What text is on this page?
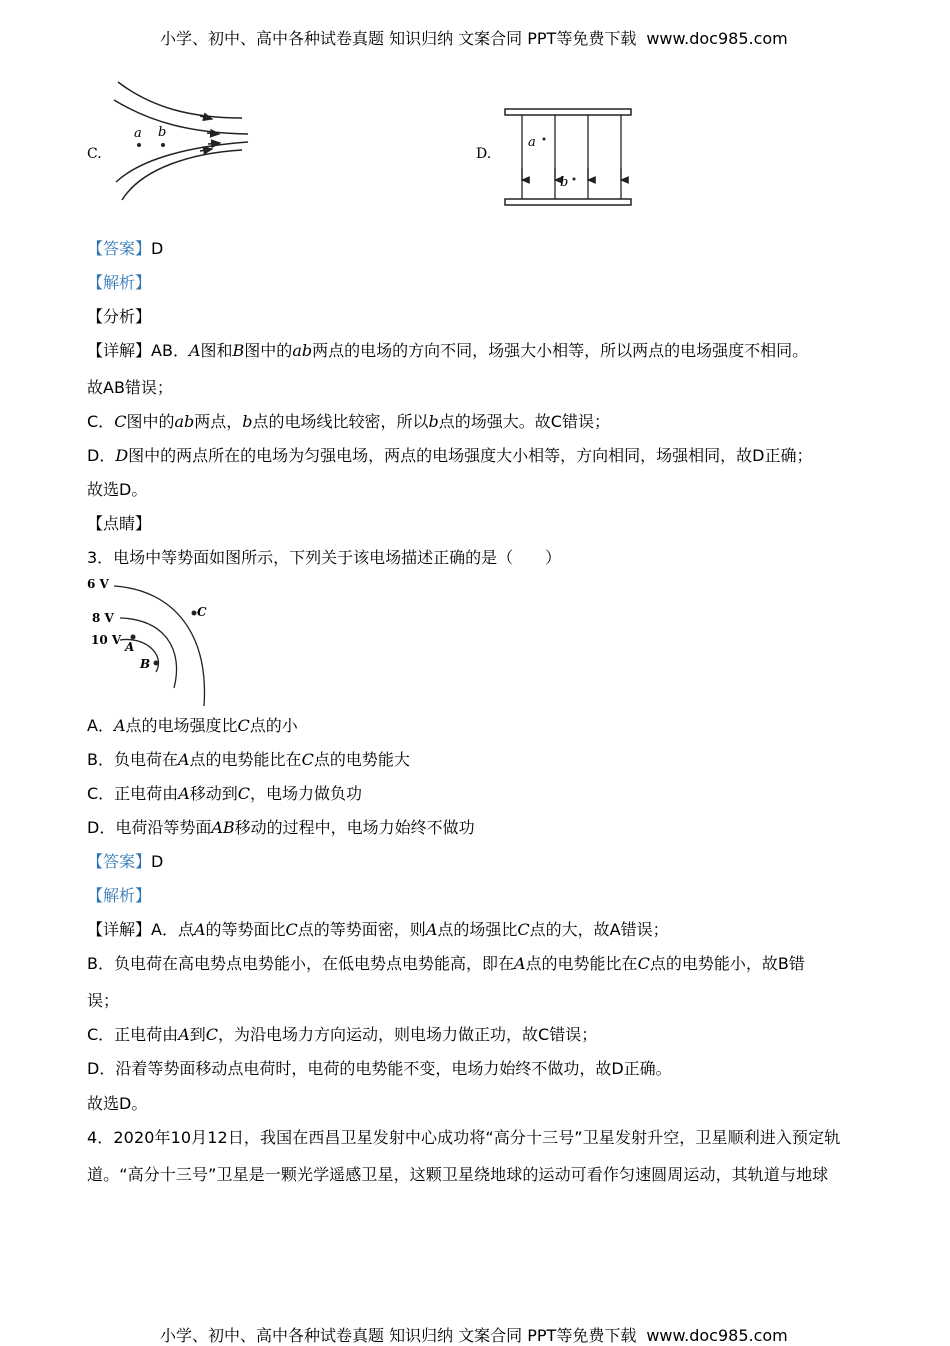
小学、初中、高中各种试卷真题 知识归纳 文案合同 PPT等免费下载 www.doc985.com
C.
a b
D.
a
b
【答案】D
【解析】
【分析】
【详解】AB．A图和B图中的ab两点的电场的方向不同，场强大小相等，所以两点的电场强度不相同。
故AB错误；
C．C图中的ab两点，b点的电场线比较密，所以b点的场强大。故C错误；
D．D图中的两点所在的电场为匀强电场，两点的电场强度大小相等，方向相同，场强相同，故D正确；
故选D。
【点睛】
3．电场中等势面如图所示，下列关于该电场描述正确的是（　　）
6 V
8 V
10 V A
B
C
A．A点的电场强度比C点的小
B．负电荷在A点的电势能比在C点的电势能大
C．正电荷由A移动到C，电场力做负功
D．电荷沿等势面AB移动的过程中，电场力始终不做功
【答案】D
【解析】
【详解】A．点A的等势面比C点的等势面密，则A点的场强比C点的大，故A错误；
B．负电荷在高电势点电势能小，在低电势点电势能高，即在A点的电势能比在C点的电势能小，故B错
误；
C．正电荷由A到C，为沿电场力方向运动，则电场力做正功，故C错误；
D．沿着等势面移动点电荷时，电荷的电势能不变，电场力始终不做功，故D正确。
故选D。
4．2020年10月12日，我国在西昌卫星发射中心成功将“高分十三号”卫星发射升空，卫星顺利进入预定轨
道。“高分十三号”卫星是一颗光学遥感卫星，这颗卫星绕地球的运动可看作匀速圆周运动，其轨道与地球
小学、初中、高中各种试卷真题 知识归纳 文案合同 PPT等免费下载 www.doc985.com
